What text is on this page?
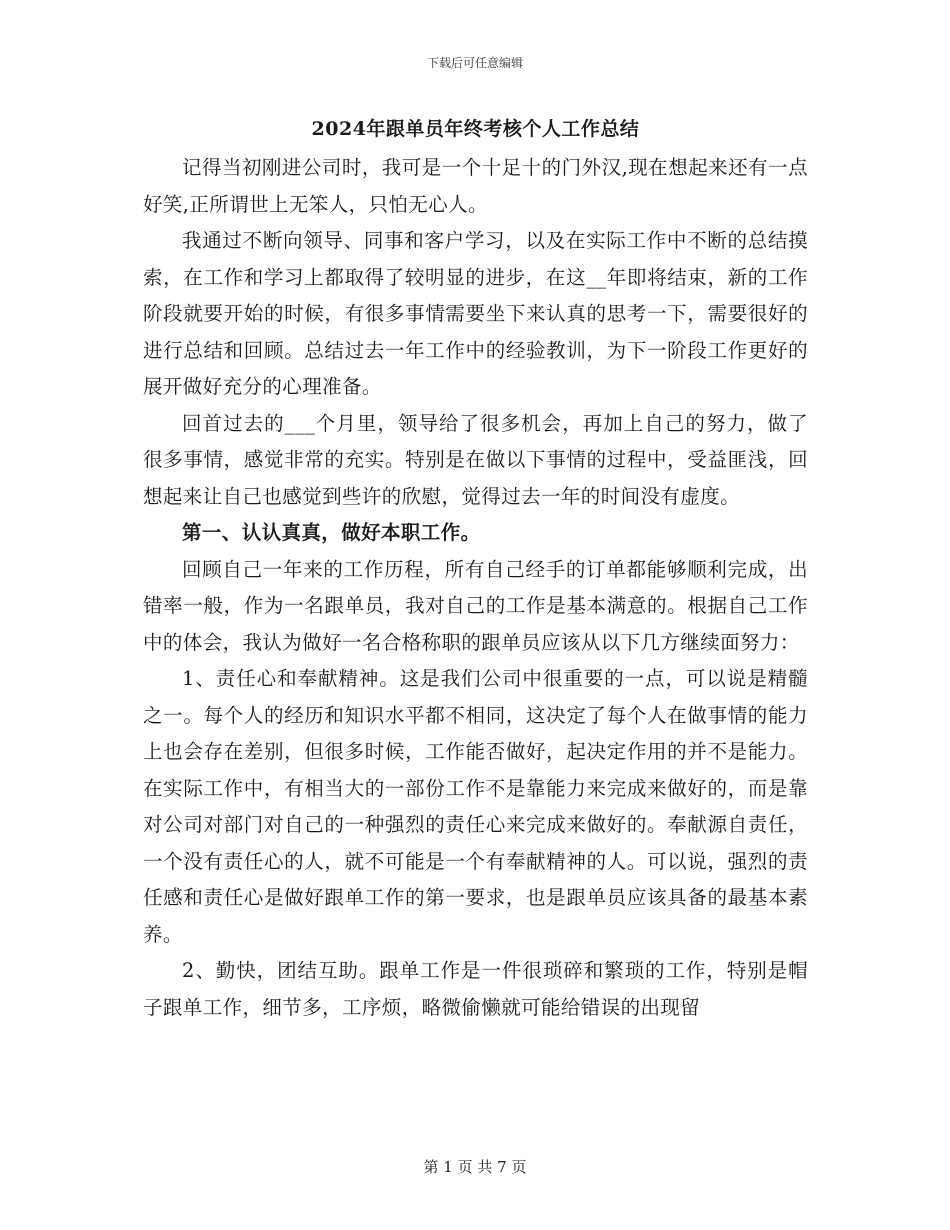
下载后可任意编辑
2024年跟单员年终考核个人工作总结

记得当初刚进公司时，我可是一个十足十的门外汉,现在想起来还有一点好笑,正所谓世上无笨人，只怕无心人。

我通过不断向领导、同事和客户学习，以及在实际工作中不断的总结摸索，在工作和学习上都取得了较明显的进步，在这__年即将结束，新的工作阶段就要开始的时候，有很多事情需要坐下来认真的思考一下，需要很好的进行总结和回顾。总结过去一年工作中的经验教训，为下一阶段工作更好的展开做好充分的心理准备。

回首过去的___个月里，领导给了很多机会，再加上自己的努力，做了很多事情，感觉非常的充实。特别是在做以下事情的过程中，受益匪浅，回想起来让自己也感觉到些许的欣慰，觉得过去一年的时间没有虚度。

第一、认认真真，做好本职工作。

回顾自己一年来的工作历程，所有自己经手的订单都能够顺利完成，出错率一般，作为一名跟单员，我对自己的工作是基本满意的。根据自己工作中的体会，我认为做好一名合格称职的跟单员应该从以下几方继续面努力：

1、责任心和奉献精神。这是我们公司中很重要的一点，可以说是精髓之一。每个人的经历和知识水平都不相同，这决定了每个人在做事情的能力上也会存在差别，但很多时候，工作能否做好，起决定作用的并不是能力。在实际工作中，有相当大的一部份工作不是靠能力来完成来做好的，而是靠对公司对部门对自己的一种强烈的责任心来完成来做好的。奉献源自责任，一个没有责任心的人，就不可能是一个有奉献精神的人。可以说，强烈的责任感和责任心是做好跟单工作的第一要求，也是跟单员应该具备的最基本素养。

2、勤快，团结互助。跟单工作是一件很琐碎和繁琐的工作，特别是帽子跟单工作，细节多，工序烦，略微偷懒就可能给错误的出现留

第 1 页 共 7 页
